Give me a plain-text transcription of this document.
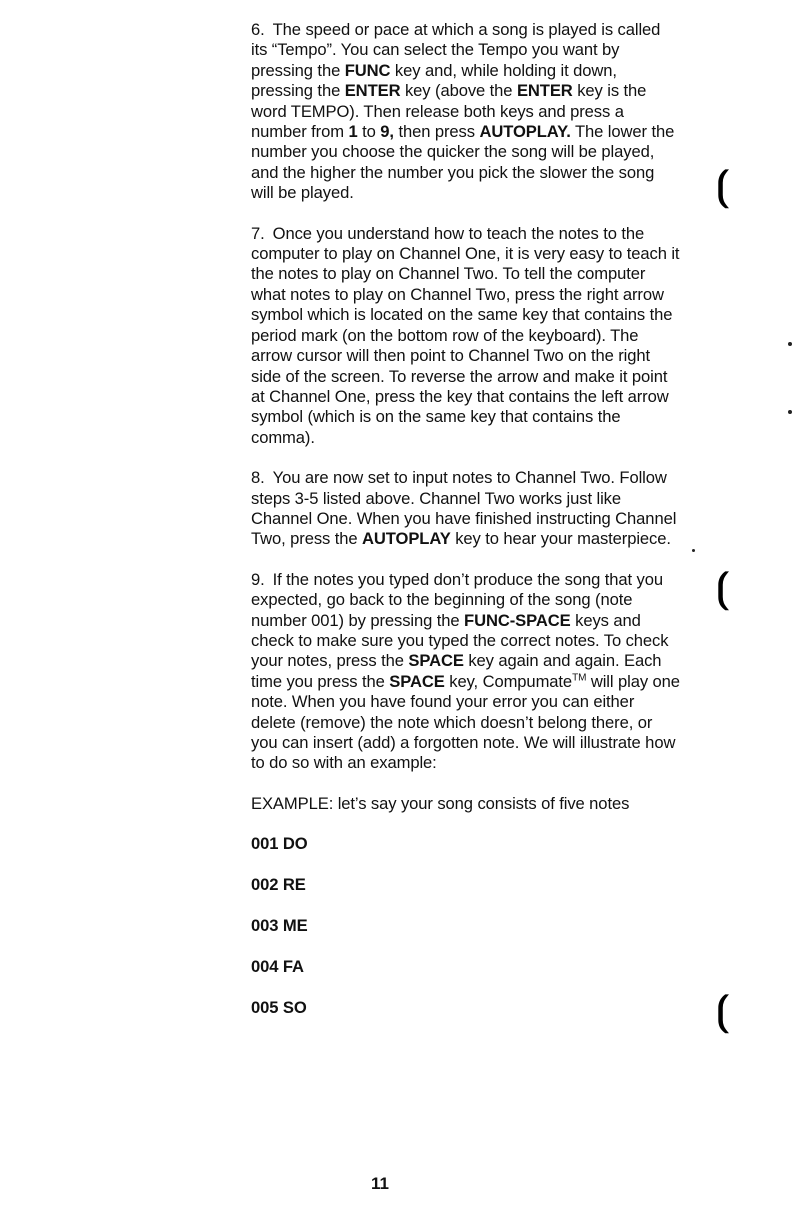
6. The speed or pace at which a song is played is called its “Tempo”. You can select the Tempo you want by pressing the FUNC key and, while holding it down, pressing the ENTER key (above the ENTER key is the word TEMPO). Then release both keys and press a number from 1 to 9, then press AUTOPLAY. The lower the number you choose the quicker the song will be played, and the higher the number you pick the slower the song will be played.

7. Once you understand how to teach the notes to the computer to play on Channel One, it is very easy to teach it the notes to play on Channel Two. To tell the computer what notes to play on Channel Two, press the right arrow symbol which is located on the same key that contains the period mark (on the bottom row of the keyboard). The arrow cursor will then point to Channel Two on the right side of the screen. To reverse the arrow and make it point at Channel One, press the key that contains the left arrow symbol (which is on the same key that contains the comma).

8. You are now set to input notes to Channel Two. Follow steps 3-5 listed above. Channel Two works just like Channel One. When you have finished instructing Channel Two, press the AUTOPLAY key to hear your masterpiece.

9. If the notes you typed don’t produce the song that you expected, go back to the beginning of the song (note number 001) by pressing the FUNC-SPACE keys and check to make sure you typed the correct notes. To check your notes, press the SPACE key again and again. Each time you press the SPACE key, Compumate™ will play one note. When you have found your error you can either delete (remove) the note which doesn’t belong there, or you can insert (add) a forgotten note. We will illustrate how to do so with an example:

EXAMPLE: let’s say your song consists of five notes

001 DO
002 RE
003 ME
004 FA
005 SO
11
⟮
⟮
⟮
